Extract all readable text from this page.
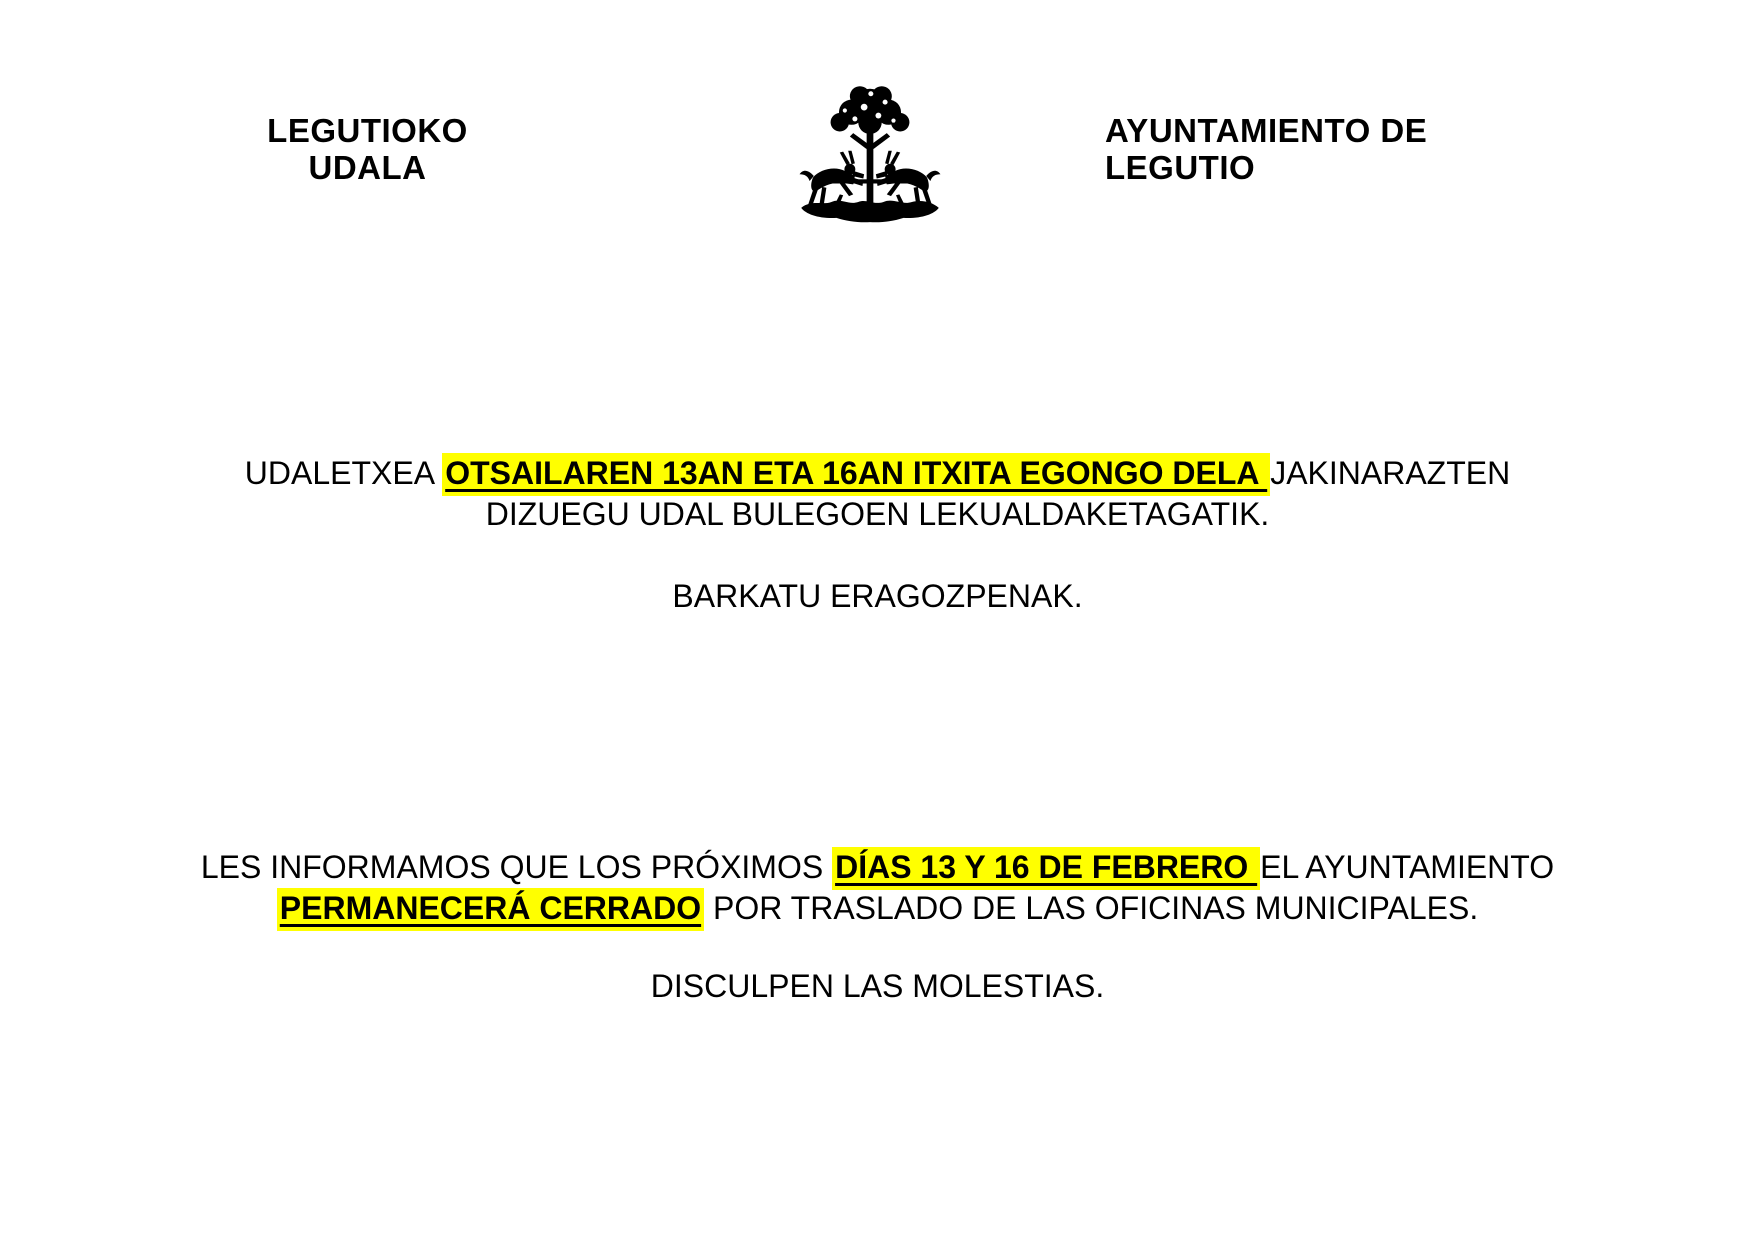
LEGUTIOKO
UDALA
AYUNTAMIENTO DE
LEGUTIO
UDALETXEA OTSAILAREN 13AN ETA 16AN ITXITA EGONGO DELA JAKINARAZTEN
DIZUEGU UDAL BULEGOEN LEKUALDAKETAGATIK.
BARKATU ERAGOZPENAK.
LES INFORMAMOS QUE LOS PRÓXIMOS DÍAS 13 Y 16 DE FEBRERO EL AYUNTAMIENTO
PERMANECERÁ CERRADO POR TRASLADO DE LAS OFICINAS MUNICIPALES.
DISCULPEN LAS MOLESTIAS.
